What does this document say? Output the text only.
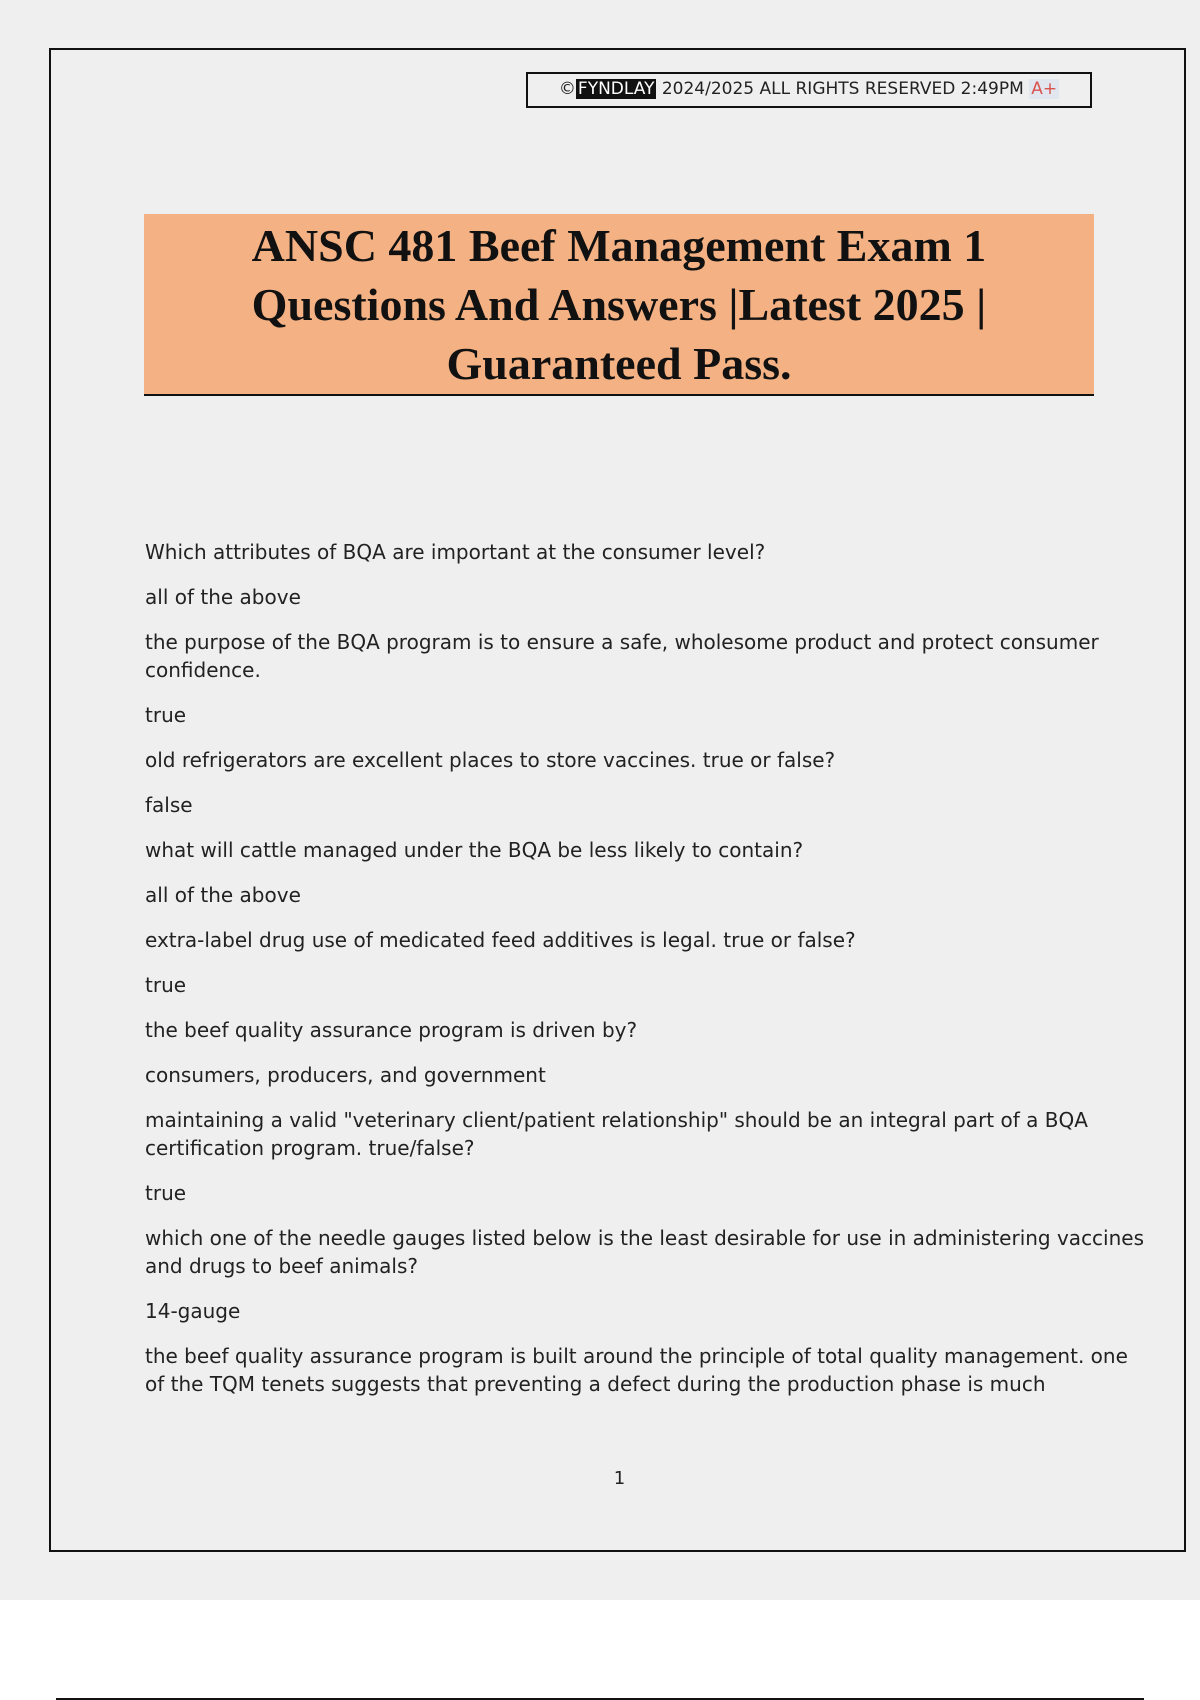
© FYNDLAY 2024/2025 ALL RIGHTS RESERVED 2:49PM A+
ANSC 481 Beef Management Exam 1
Questions And Answers |Latest 2025 |
Guaranteed Pass.

Which attributes of BQA are important at the consumer level?

all of the above

the purpose of the BQA program is to ensure a safe, wholesome product and protect consumer confidence.

true

old refrigerators are excellent places to store vaccines. true or false?

false

what will cattle managed under the BQA be less likely to contain?

all of the above

extra-label drug use of medicated feed additives is legal. true or false?

true

the beef quality assurance program is driven by?

consumers, producers, and government

maintaining a valid "veterinary client/patient relationship" should be an integral part of a BQA certification program. true/false?

true

which one of the needle gauges listed below is the least desirable for use in administering vaccines and drugs to beef animals?

14-gauge

the beef quality assurance program is built around the principle of total quality management. one of the TQM tenets suggests that preventing a defect during the production phase is much

1
